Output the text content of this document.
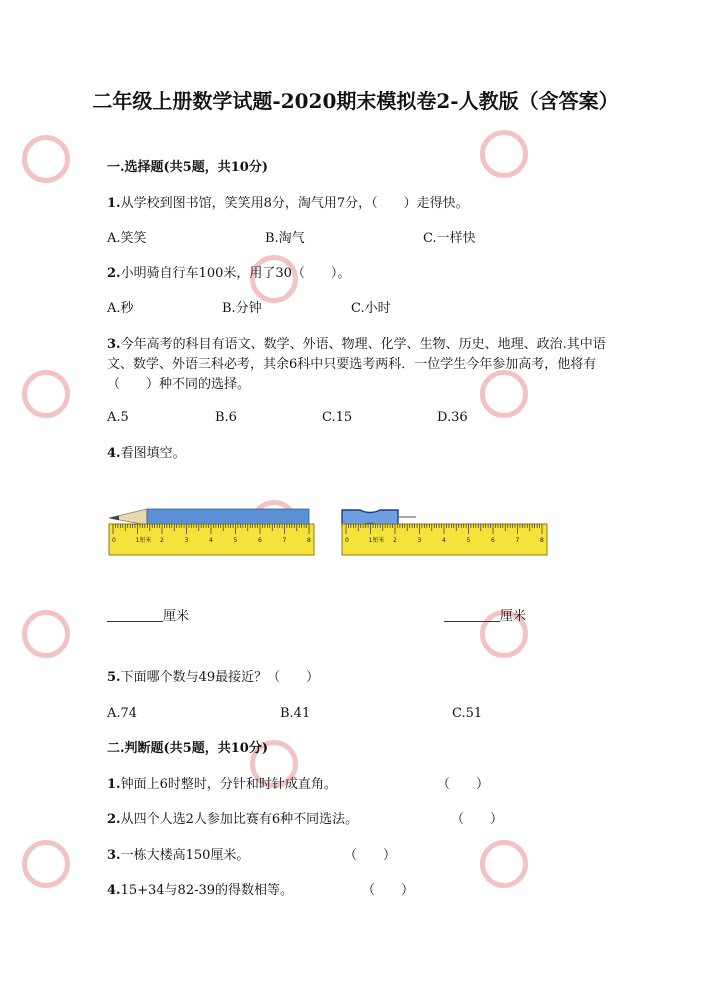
二年级上册数学试题-2020期末模拟卷2-人教版（含答案）
一.选择题(共5题，共10分)
1.从学校到图书馆，笑笑用8分，淘气用7分，（　　）走得快。
A.笑笑	B.淘气	C.一样快
2.小明骑自行车100米，用了30（　　）。
A.秒	B.分钟	C.小时
3.今年高考的科目有语文、数学、外语、物理、化学、生物、历史、地理、政治.其中语文、数学、外语三科必考，其余6科中只要选考两科．一位学生今年参加高考，他将有（　　）种不同的选择。
A.5	B.6	C.15	D.36
4.看图填空。
0	1厘米 2	3	4	5	6	7	8	0	1厘米 2	3	4	5	6	7	8
厘米	厘米
5.下面哪个数与49最接近？（　　）
A.74	B.41	C.51
二.判断题(共5题，共10分)
1.钟面上6时整时，分针和时针成直角。	（　　）
2.从四个人选2人参加比赛有6种不同选法。	（　　）
3.一栋大楼高150厘米。	（　　）
4.15+34与82-39的得数相等。	（　　）
